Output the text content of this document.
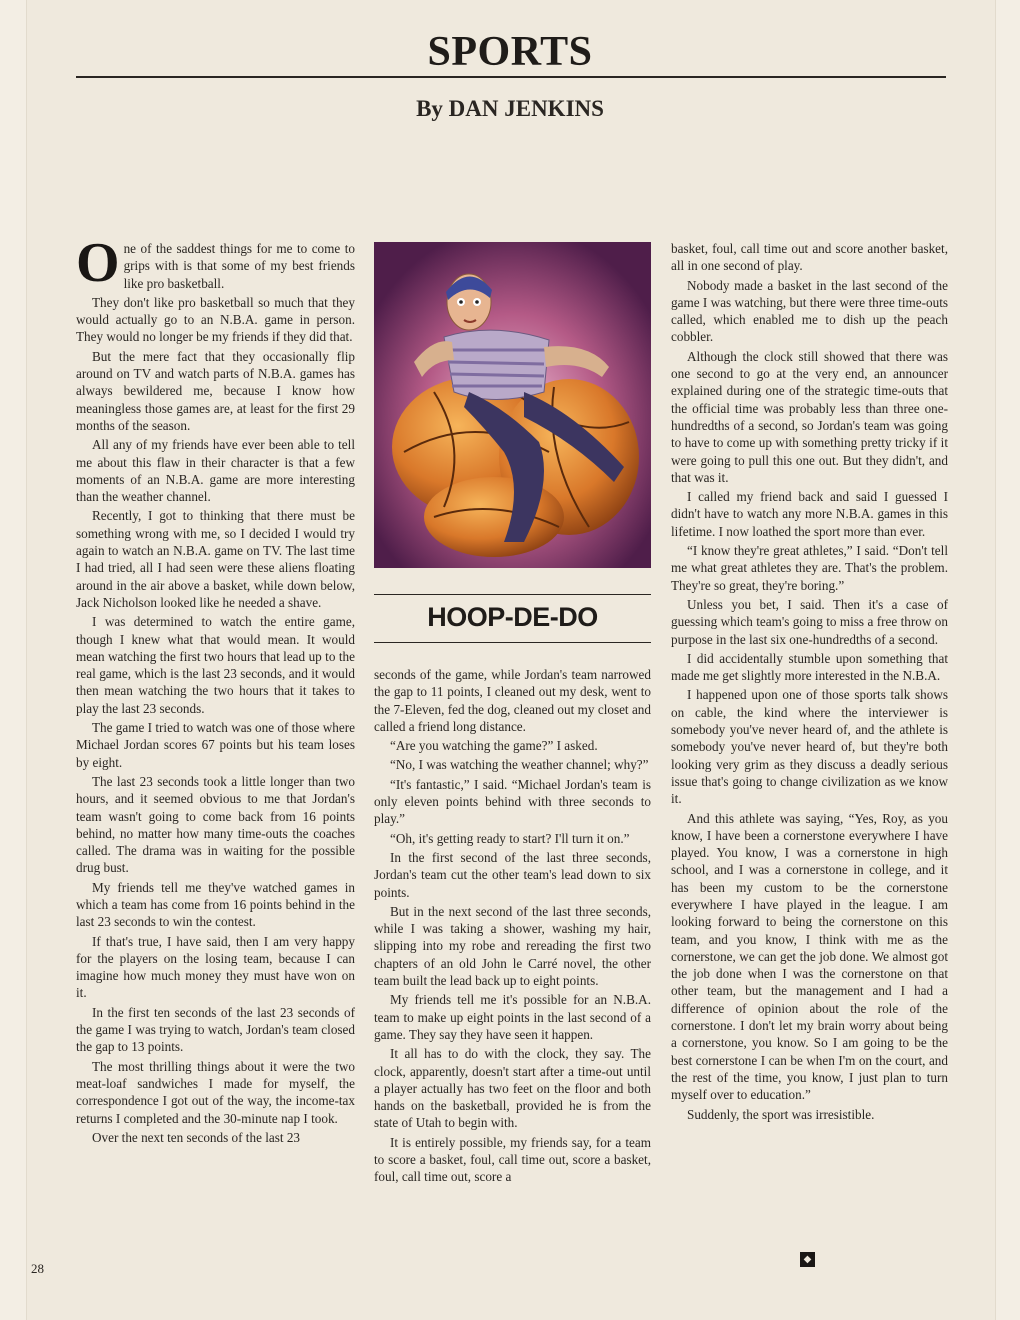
SPORTS
By DAN JENKINS

One of the saddest things for me to come to grips with is that some of my best friends like pro basketball.

They don't like pro basketball so much that they would actually go to an N.B.A. game in person. They would no longer be my friends if they did that.

But the mere fact that they occasionally flip around on TV and watch parts of N.B.A. games has always bewildered me, because I know how meaningless those games are, at least for the first 29 months of the season.

All any of my friends have ever been able to tell me about this flaw in their character is that a few moments of an N.B.A. game are more interesting than the weather channel.

Recently, I got to thinking that there must be something wrong with me, so I decided I would try again to watch an N.B.A. game on TV. The last time I had tried, all I had seen were these aliens floating around in the air above a basket, while down below, Jack Nicholson looked like he needed a shave.

I was determined to watch the entire game, though I knew what that would mean. It would mean watching the first two hours that lead up to the real game, which is the last 23 seconds, and it would then mean watching the two hours that it takes to play the last 23 seconds.

The game I tried to watch was one of those where Michael Jordan scores 67 points but his team loses by eight.

The last 23 seconds took a little longer than two hours, and it seemed obvious to me that Jordan's team wasn't going to come back from 16 points behind, no matter how many time-outs the coaches called. The drama was in waiting for the possible drug bust.

My friends tell me they've watched games in which a team has come from 16 points behind in the last 23 seconds to win the contest.

If that's true, I have said, then I am very happy for the players on the losing team, because I can imagine how much money they must have won on it.

In the first ten seconds of the last 23 seconds of the game I was trying to watch, Jordan's team closed the gap to 13 points.

The most thrilling things about it were the two meat-loaf sandwiches I made for myself, the correspondence I got out of the way, the income-tax returns I completed and the 30-minute nap I took.

Over the next ten seconds of the last 23

HOOP-DE-DO

seconds of the game, while Jordan's team narrowed the gap to 11 points, I cleaned out my desk, went to the 7-Eleven, fed the dog, cleaned out my closet and called a friend long distance.

“Are you watching the game?” I asked.

“No, I was watching the weather channel; why?”

“It's fantastic,” I said. “Michael Jordan's team is only eleven points behind with three seconds to play.”

“Oh, it's getting ready to start? I'll turn it on.”

In the first second of the last three seconds, Jordan's team cut the other team's lead down to six points.

But in the next second of the last three seconds, while I was taking a shower, washing my hair, slipping into my robe and rereading the first two chapters of an old John le Carré novel, the other team built the lead back up to eight points.

My friends tell me it's possible for an N.B.A. team to make up eight points in the last second of a game. They say they have seen it happen.

It all has to do with the clock, they say. The clock, apparently, doesn't start after a time-out until a player actually has two feet on the floor and both hands on the basketball, provided he is from the state of Utah to begin with.

It is entirely possible, my friends say, for a team to score a basket, foul, call time out, score a basket, foul, call time out, score a

basket, foul, call time out and score another basket, all in one second of play.

Nobody made a basket in the last second of the game I was watching, but there were three time-outs called, which enabled me to dish up the peach cobbler.

Although the clock still showed that there was one second to go at the very end, an announcer explained during one of the strategic time-outs that the official time was probably less than three one-hundredths of a second, so Jordan's team was going to have to come up with something pretty tricky if it were going to pull this one out. But they didn't, and that was it.

I called my friend back and said I guessed I didn't have to watch any more N.B.A. games in this lifetime. I now loathed the sport more than ever.

“I know they're great athletes,” I said. “Don't tell me what great athletes they are. That's the problem. They're so great, they're boring.”

Unless you bet, I said. Then it's a case of guessing which team's going to miss a free throw on purpose in the last six one-hundredths of a second.

I did accidentally stumble upon something that made me get slightly more interested in the N.B.A.

I happened upon one of those sports talk shows on cable, the kind where the interviewer is somebody you've never heard of, and the athlete is somebody you've never heard of, but they're both looking very grim as they discuss a deadly serious issue that's going to change civilization as we know it.

And this athlete was saying, “Yes, Roy, as you know, I have been a cornerstone everywhere I have played. You know, I was a cornerstone in high school, and I was a cornerstone in college, and it has been my custom to be the cornerstone everywhere I have played in the league. I am looking forward to being the cornerstone on this team, and you know, I think with me as the cornerstone, we can get the job done. We almost got the job done when I was the cornerstone on that other team, but the management and I had a difference of opinion about the role of the cornerstone. I don't let my brain worry about being a cornerstone, you know. So I am going to be the best cornerstone I can be when I'm on the court, and the rest of the time, you know, I just plan to turn myself over to education.”

Suddenly, the sport was irresistible.

28
◆
